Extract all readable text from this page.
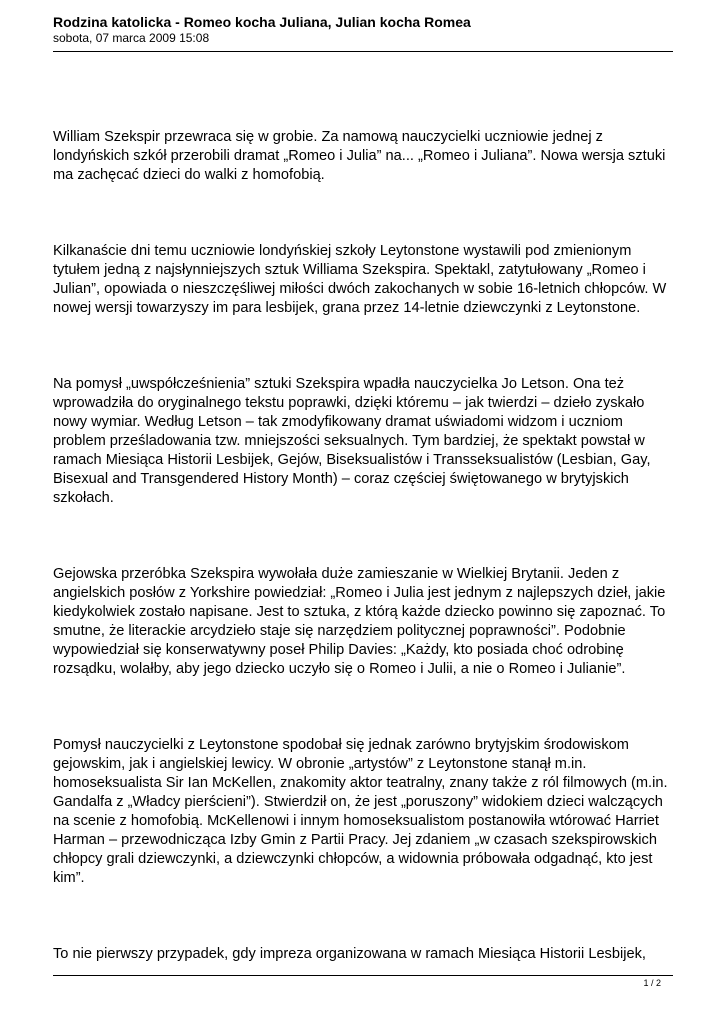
Rodzina katolicka - Romeo kocha Juliana, Julian kocha Romea

sobota, 07 marca 2009 15:08

William Szekspir przewraca się w grobie. Za namową nauczycielki uczniowie jednej z londyńskich szkół przerobili dramat „Romeo i Julia” na... „Romeo i Juliana”. Nowa wersja sztuki ma zachęcać dzieci do walki z homofobią.

Kilkanaście dni temu uczniowie londyńskiej szkoły Leytonstone wystawili pod zmienionym tytułem jedną z najsłynniejszych sztuk Williama Szekspira. Spektakl, zatytułowany „Romeo i Julian”, opowiada o nieszczęśliwej miłości dwóch zakochanych w sobie 16-letnich chłopców. W nowej wersji towarzyszy im para lesbijek, grana przez 14-letnie dziewczynki z Leytonstone.

Na pomysł „uwspółcześnienia” sztuki Szekspira wpadła nauczycielka Jo Letson. Ona też wprowadziła do oryginalnego tekstu poprawki, dzięki któremu – jak twierdzi – dzieło zyskało nowy wymiar. Według Letson – tak zmodyfikowany dramat uświadomi widzom i uczniom problem prześladowania tzw. mniejszości seksualnych. Tym bardziej, że spektakt powstał w ramach Miesiąca Historii Lesbijek, Gejów, Biseksualistów i Transseksualistów (Lesbian, Gay, Bisexual and Transgendered History Month) – coraz częściej świętowanego w brytyjskich szkołach.

Gejowska przeróbka Szekspira wywołała duże zamieszanie w Wielkiej Brytanii. Jeden z angielskich posłów z Yorkshire powiedział: „Romeo i Julia jest jednym z najlepszych dzieł, jakie kiedykolwiek zostało napisane. Jest to sztuka, z którą każde dziecko powinno się zapoznać. To smutne, że literackie arcydzieło staje się narzędziem politycznej poprawności”. Podobnie wypowiedział się konserwatywny poseł Philip Davies: „Każdy, kto posiada choć odrobinę rozsądku, wolałby, aby jego dziecko uczyło się o Romeo i Julii, a nie o Romeo i Julianie”.

Pomysł nauczycielki z Leytonstone spodobał się jednak zarówno brytyjskim środowiskom gejowskim, jak i angielskiej lewicy. W obronie „artystów” z Leytonstone stanął m.in. homoseksualista Sir Ian McKellen, znakomity aktor teatralny, znany także z ról filmowych (m.in. Gandalfa z „Władcy pierścieni”). Stwierdził on, że jest „poruszony” widokiem dzieci walczących na scenie z homofobią. McKellenowi i innym homoseksualistom postanowiła wtórować Harriet Harman – przewodnicząca Izby Gmin z Partii Pracy. Jej zdaniem „w czasach szekspirowskich chłopcy grali dziewczynki, a dziewczynki chłopców, a widownia próbowała odgadnąć, kto jest kim”.

To nie pierwszy przypadek, gdy impreza organizowana w ramach Miesiąca Historii Lesbijek,

1 / 2
